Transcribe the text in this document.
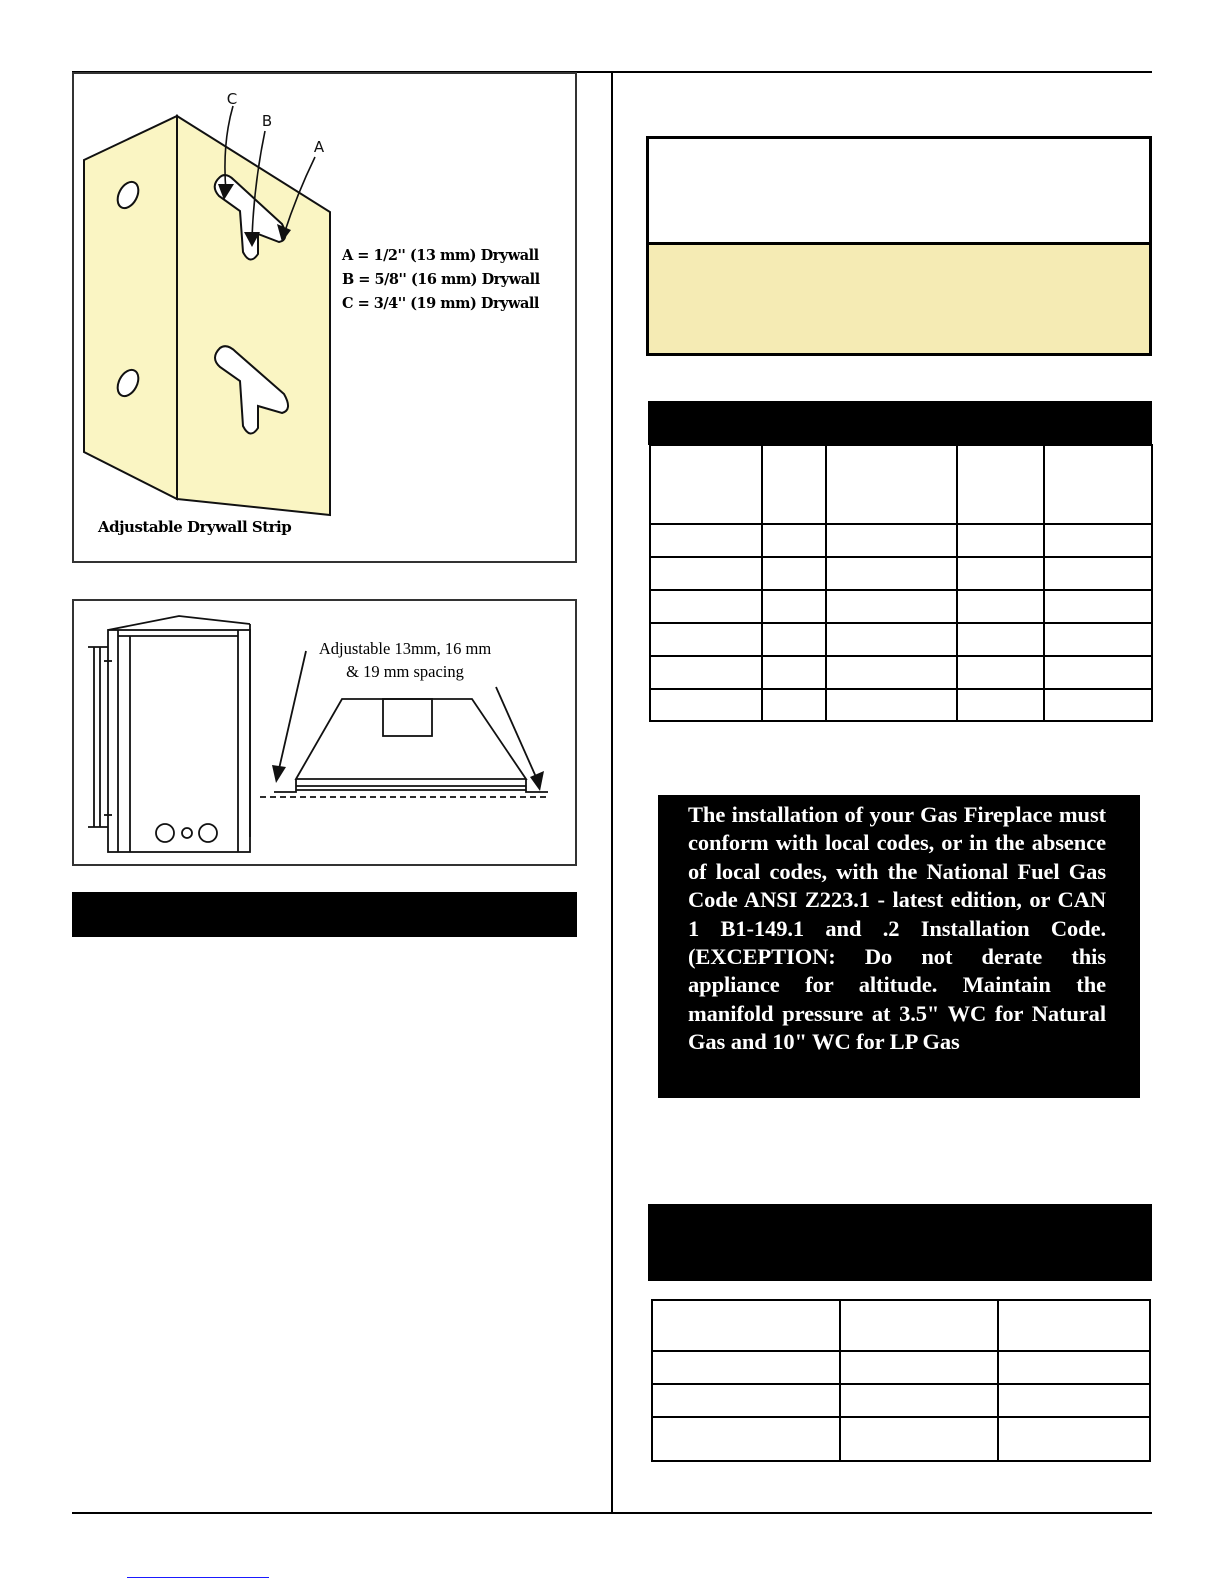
C
B
A
A = 1/2'' (13 mm) Drywall
B = 5/8'' (16 mm) Drywall
C = 3/4'' (19 mm) Drywall
Adjustable Drywall Strip
Adjustable 13mm, 16 mm
& 19 mm spacing

The installation of your Gas Fireplace must conform with local codes, or in the absence of local codes, with the National Fuel Gas Code ANSI Z223.1 - latest edition, or CAN 1 B1-149.1 and .2 Installation Code. (EXCEPTION: Do not derate this appliance for altitude. Maintain the manifold pressure at 3.5" WC for Natural Gas and 10" WC for LP Gas
